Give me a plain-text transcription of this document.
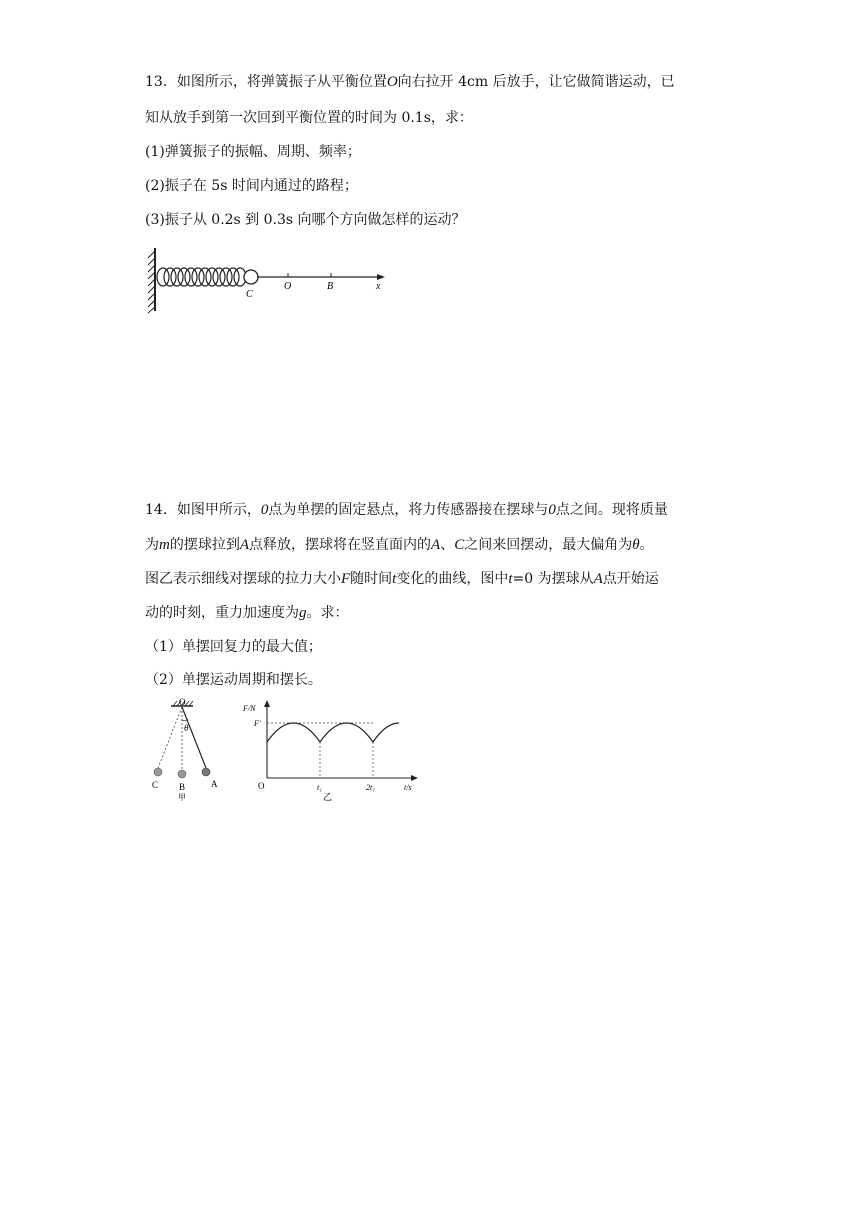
13．如图所示，将弹簧振子从平衡位置O向右拉开 4cm 后放手，让它做简谐运动，已
知从放手到第一次回到平衡位置的时间为 0.1s，求：
(1)弹簧振子的振幅、周期、频率；
(2)振子在 5s 时间内通过的路程；
(3)振子从 0.2s 到 0.3s 向哪个方向做怎样的运动？
C
O	B	x
14．如图甲所示，0点为单摆的固定悬点，将力传感器接在摆球与0点之间。现将质量
为m的摆球拉到A点释放，摆球将在竖直面内的A、C之间来回摆动，最大偏角为θ。
图乙表示细线对摆球的拉力大小F随时间t变化的曲线，图中t=0 为摆球从A点开始运
动的时刻，重力加速度为g。求：
（1）单摆回复力的最大值；
（2）单摆运动周期和摆长。
O
θ
C B	A
甲
F/N
F'
O	t₁	2t₁	t/s
乙
